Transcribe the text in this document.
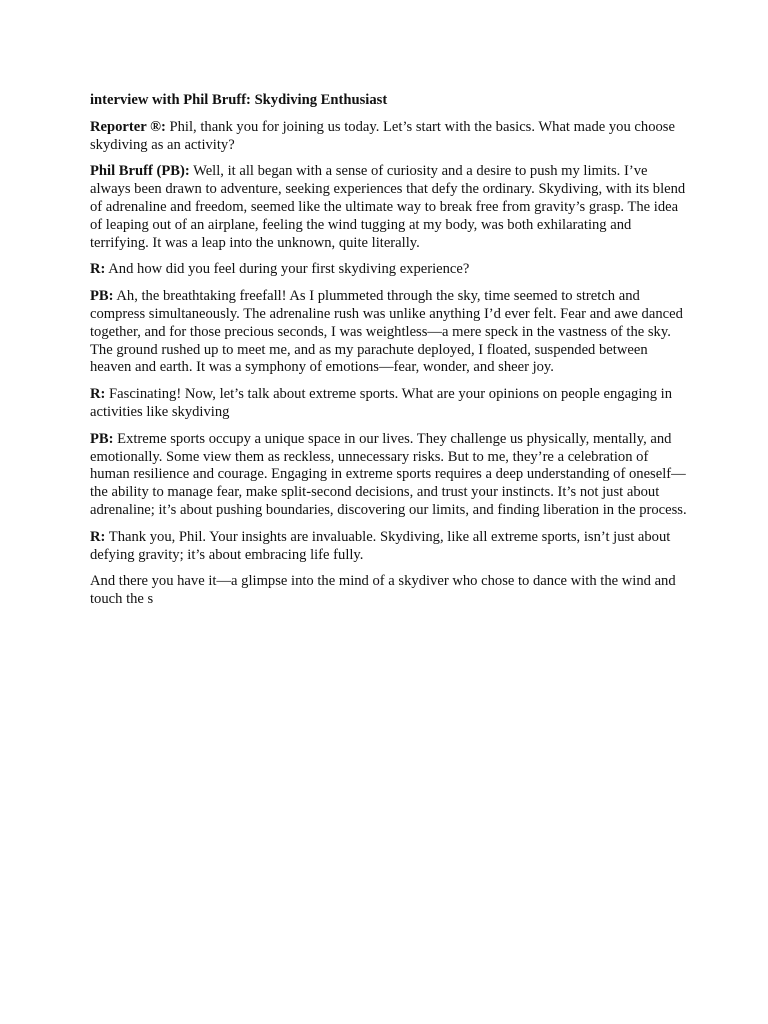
interview with Phil Bruff: Skydiving Enthusiast

Reporter ®: Phil, thank you for joining us today. Let’s start with the basics. What made you choose skydiving as an activity?

Phil Bruff (PB): Well, it all began with a sense of curiosity and a desire to push my limits. I’ve always been drawn to adventure, seeking experiences that defy the ordinary. Skydiving, with its blend of adrenaline and freedom, seemed like the ultimate way to break free from gravity’s grasp. The idea of leaping out of an airplane, feeling the wind tugging at my body, was both exhilarating and terrifying. It was a leap into the unknown, quite literally.

R: And how did you feel during your first skydiving experience?

PB: Ah, the breathtaking freefall! As I plummeted through the sky, time seemed to stretch and compress simultaneously. The adrenaline rush was unlike anything I’d ever felt. Fear and awe danced together, and for those precious seconds, I was weightless—a mere speck in the vastness of the sky. The ground rushed up to meet me, and as my parachute deployed, I floated, suspended between heaven and earth. It was a symphony of emotions—fear, wonder, and sheer joy.

R: Fascinating! Now, let’s talk about extreme sports. What are your opinions on people engaging in activities like skydiving

PB: Extreme sports occupy a unique space in our lives. They challenge us physically, mentally, and emotionally. Some view them as reckless, unnecessary risks. But to me, they’re a celebration of human resilience and courage. Engaging in extreme sports requires a deep understanding of oneself—the ability to manage fear, make split-second decisions, and trust your instincts. It’s not just about adrenaline; it’s about pushing boundaries, discovering our limits, and finding liberation in the process.

R: Thank you, Phil. Your insights are invaluable. Skydiving, like all extreme sports, isn’t just about defying gravity; it’s about embracing life fully.

And there you have it—a glimpse into the mind of a skydiver who chose to dance with the wind and touch the s
